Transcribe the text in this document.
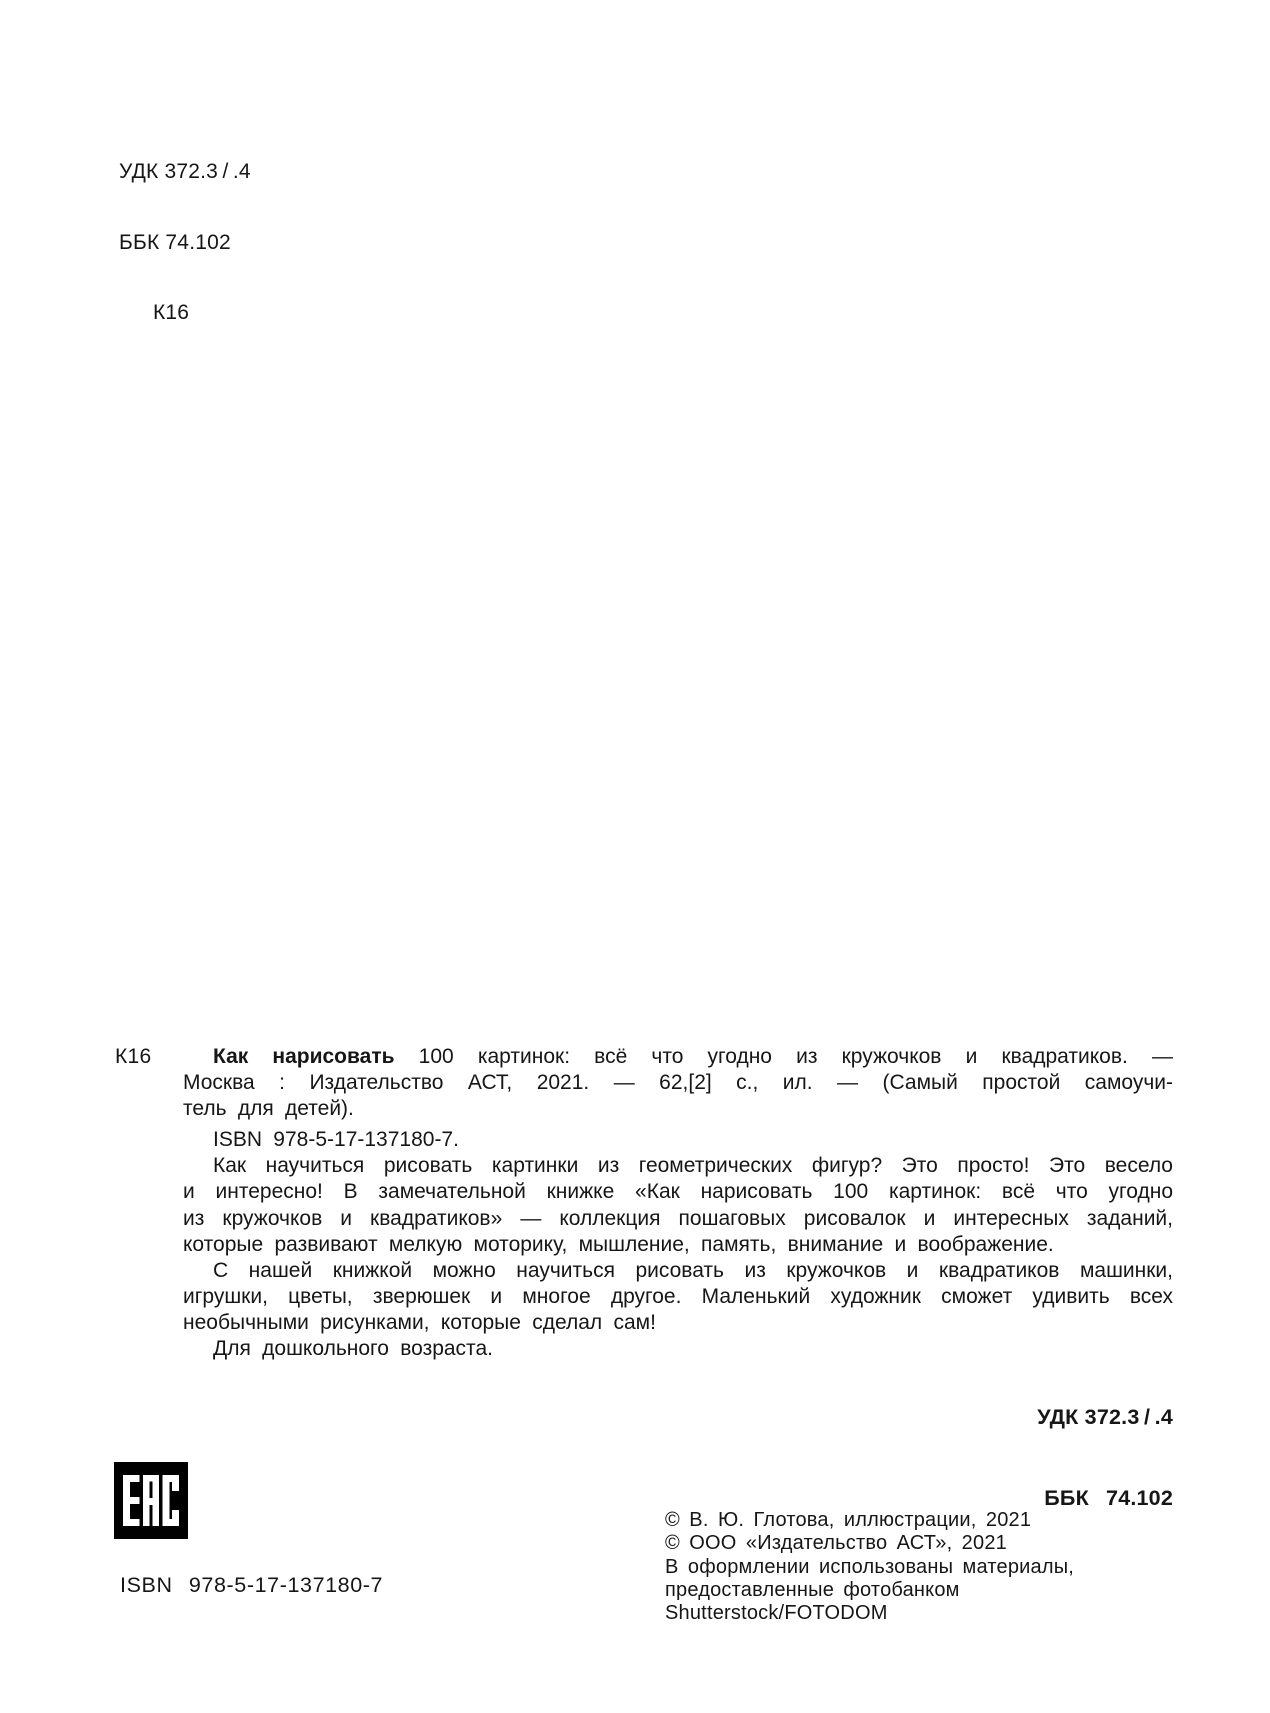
УДК 372.3 / .4

ББК 74.102

К16

К16	Как нарисовать 100 картинок: всё что угодно из кружочков и квадратиков. —
Москва : Издательство АСТ, 2021. — 62,[2] с., ил. — (Самый простой самоучи-
тель для детей).
ISBN 978-5-17-137180-7.
Как научиться рисовать картинки из геометрических фигур? Это просто! Это весело
и интересно! В замечательной книжке «Как нарисовать 100 картинок: всё что угодно
из кружочков и квадратиков» — коллекция пошаговых рисовалок и интересных заданий,
которые развивают мелкую моторику, мышление, память, внимание и воображение.
С нашей книжкой можно научиться рисовать из кружочков и квадратиков машинки,
игрушки, цветы, зверюшек и многое другое. Маленький художник сможет удивить всех
необычными рисунками, которые сделал сам!
Для дошкольного возраста.

УДК 372.3 / .4

ББК  74.102

ISBN 978-5-17-137180-7
© В. Ю. Глотова, иллюстрации, 2021
© ООО «Издательство АСТ», 2021
В оформлении использованы материалы,
предоставленные фотобанком Shutterstock/FOTODOM
